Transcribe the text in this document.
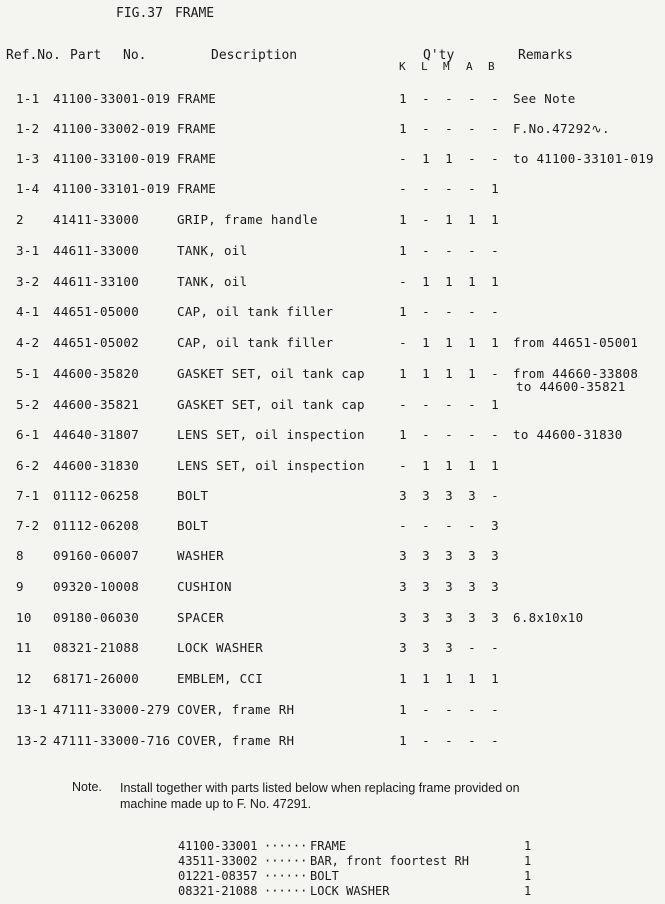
FIG.37 FRAME
Ref.No. Part No.	Description	Q'ty
K L M A B
Remarks
1-1 41100-33001-019 FRAME	1 - - - - See Note
1-2 41100-33002-019 FRAME	1 - - - - F.No.47292∿.
1-3 41100-33100-019 FRAME	- 1 1 - - to 41100-33101-019
1-4 41100-33101-019 FRAME	- - - - 1
2 41411-33000	GRIP, frame handle	1 - 1 1 1
3-1 44611-33000	TANK, oil	1 - - - -
3-2 44611-33100	TANK, oil	- 1 1 1 1
4-1 44651-05000	CAP, oil tank filler	1 - - - -
4-2 44651-05002	CAP, oil tank filler	- 1 1 1 1 from 44651-05001
5-1 44600-35820	GASKET SET, oil tank cap	1 1 1 1 - from 44660-33808
to 44600-35821
5-2 44600-35821	GASKET SET, oil tank cap	- - - - 1
6-1 44640-31807	LENS SET, oil inspection	1 - - - - to 44600-31830
6-2 44600-31830	LENS SET, oil inspection	- 1 1 1 1
7-1 01112-06258	BOLT	3 3 3 3 -
7-2 01112-06208	BOLT	- - - - 3
8 09160-06007	WASHER	3 3 3 3 3
9 09320-10008	CUSHION	3 3 3 3 3
10 09180-06030	SPACER	3 3 3 3 3 6.8x10x10
11 08321-21088	LOCK WASHER	3 3 3 - -
12 68171-26000	EMBLEM, CCI	1 1 1 1 1
13-1 47111-33000-279 COVER, frame RH	1 - - - -
13-2 47111-33000-716 COVER, frame RH	1 - - - -
Note. Install together with parts listed below when replacing frame provided on machine made up to F. No. 47291.
41100-33001 ······ FRAME	1
43511-33002 ······ BAR, front foortest RH	1
01221-08357 ······ BOLT	1
08321-21088 ······ LOCK WASHER	1
